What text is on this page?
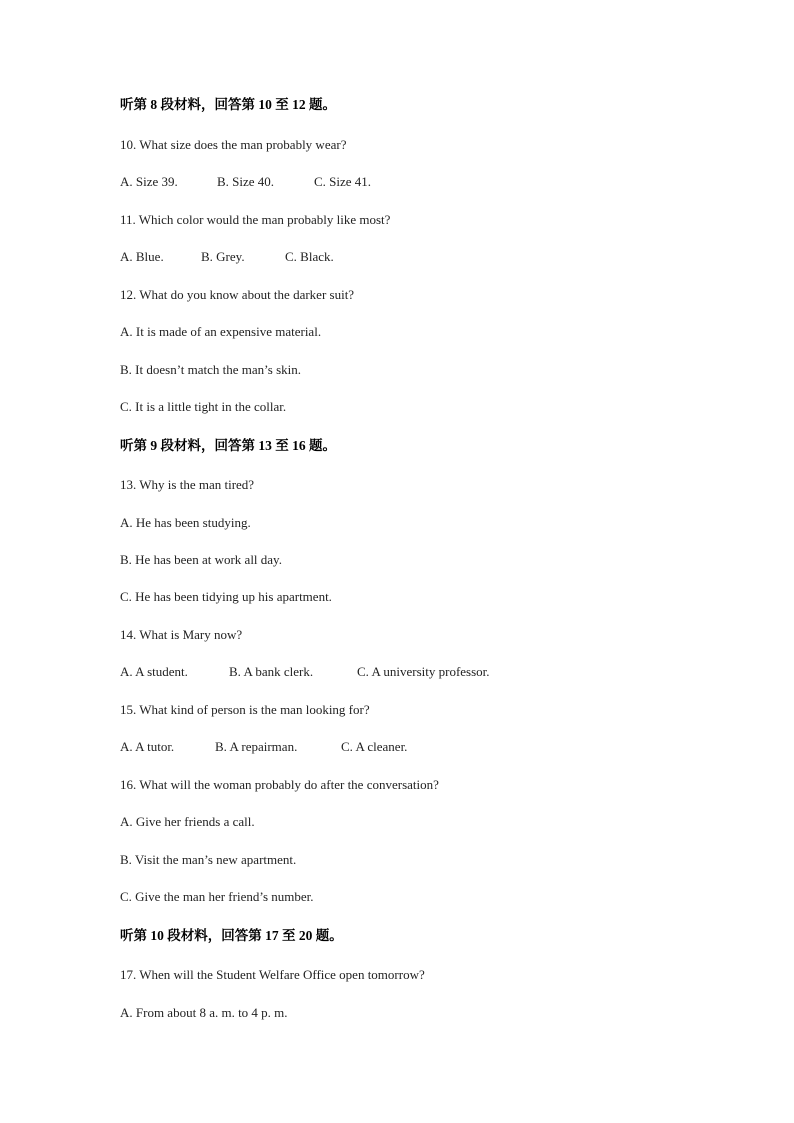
听第 8 段材料，回答第 10 至 12 题。
10. What size does the man probably wear?
A. Size 39.	B. Size 40.	C. Size 41.
11. Which color would the man probably like most?
A. Blue.	B. Grey.	C. Black.
12. What do you know about the darker suit?
A. It is made of an expensive material.
B. It doesn’t match the man’s skin.
C. It is a little tight in the collar.
听第 9 段材料，回答第 13 至 16 题。
13. Why is the man tired?
A. He has been studying.
B. He has been at work all day.
C. He has been tidying up his apartment.
14. What is Mary now?
A. A student.	B. A bank clerk.	C. A university professor.
15. What kind of person is the man looking for?
A. A tutor.	B. A repairman.	C. A cleaner.
16. What will the woman probably do after the conversation?
A. Give her friends a call.
B. Visit the man’s new apartment.
C. Give the man her friend’s number.
听第 10 段材料，回答第 17 至 20 题。
17. When will the Student Welfare Office open tomorrow?
A. From about 8 a. m. to 4 p. m.
